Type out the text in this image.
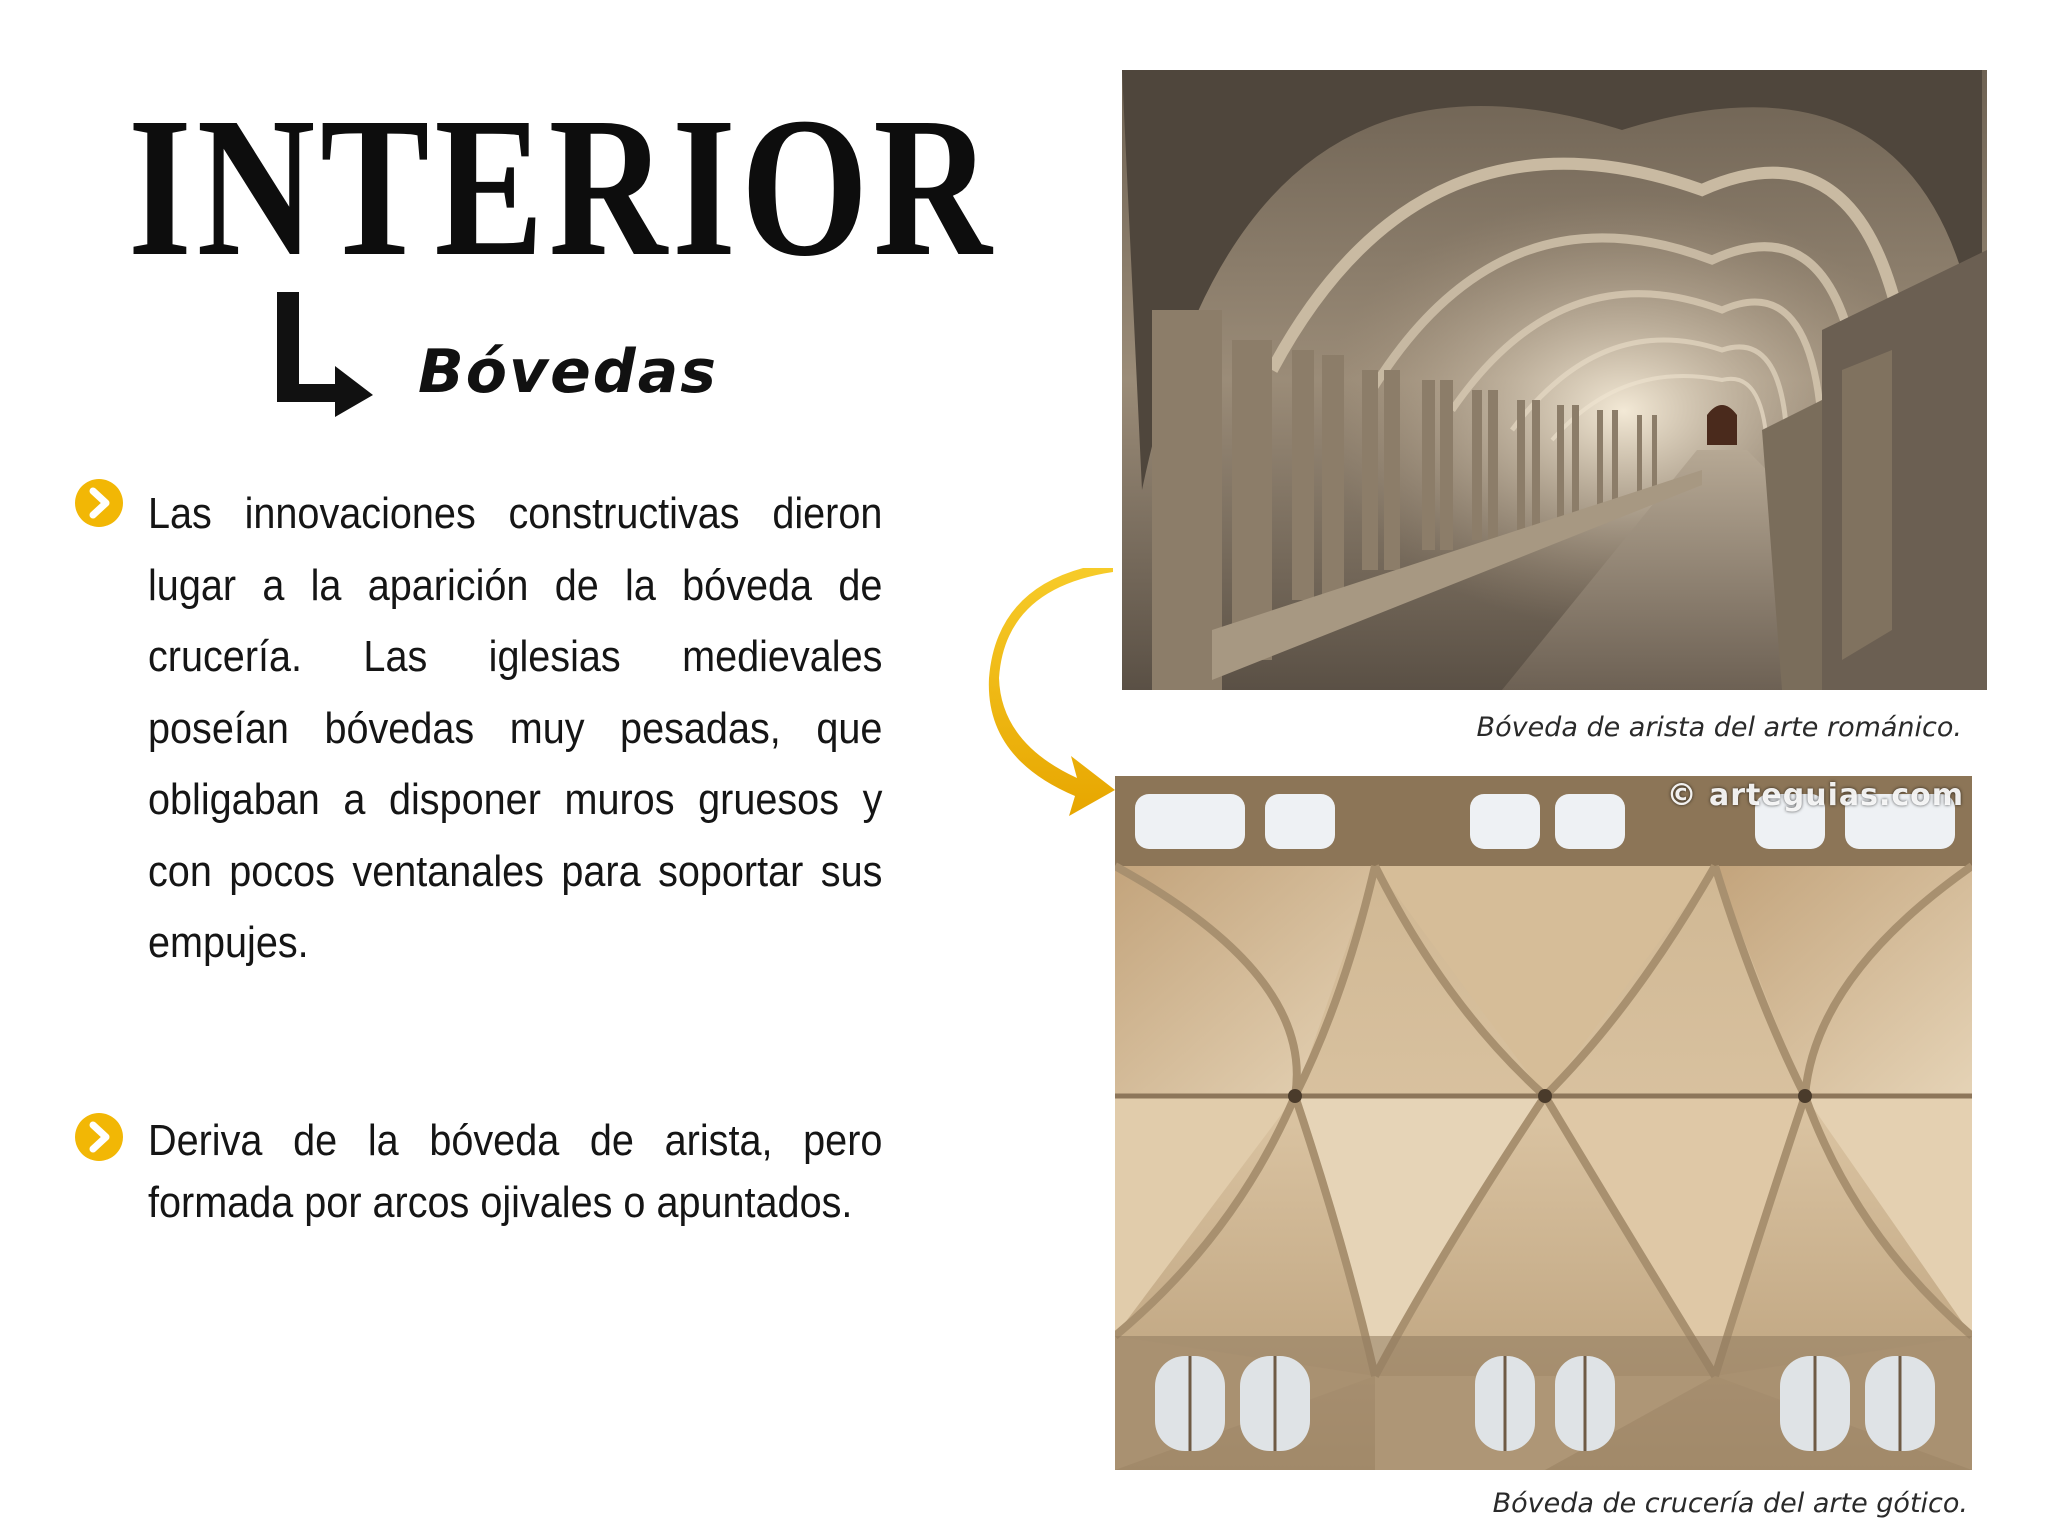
INTERIOR
Bóvedas

Las innovaciones constructivas dieron lugar a la aparición de la bóveda de crucería. Las iglesias medievales poseían bóvedas muy pesadas, que obligaban a disponer muros gruesos y con pocos ventanales para soportar sus empujes.

Deriva de la bóveda de arista, pero formada por arcos ojivales o apuntados.

Bóveda de arista del arte románico.

© arteguias.com

Bóveda de crucería del arte gótico.
